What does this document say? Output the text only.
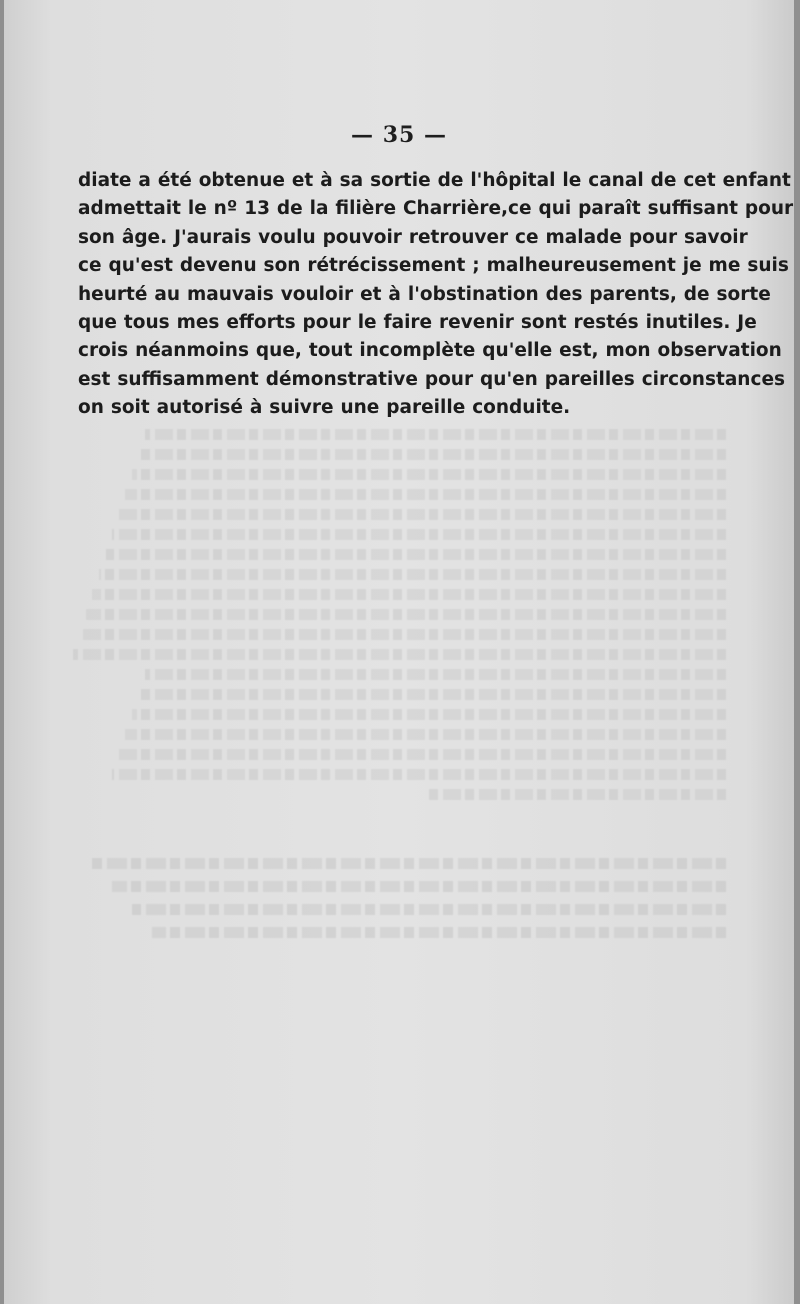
— 35 —

diate a été obtenue et à sa sortie de l'hôpital le canal de cet enfant
admettait le nº 13 de la filière Charrière,ce qui paraît suffisant pour
son âge. J'aurais voulu pouvoir retrouver ce malade pour savoir
ce qu'est devenu son rétrécissement ; malheureusement je me suis
heurté au mauvais vouloir et à l'obstination des parents, de sorte
que tous mes efforts pour le faire revenir sont restés inutiles. Je
crois néanmoins que, tout incomplète qu'elle est, mon observation
est suffisamment démonstrative pour qu'en pareilles circonstances
on soit autorisé à suivre une pareille conduite.
